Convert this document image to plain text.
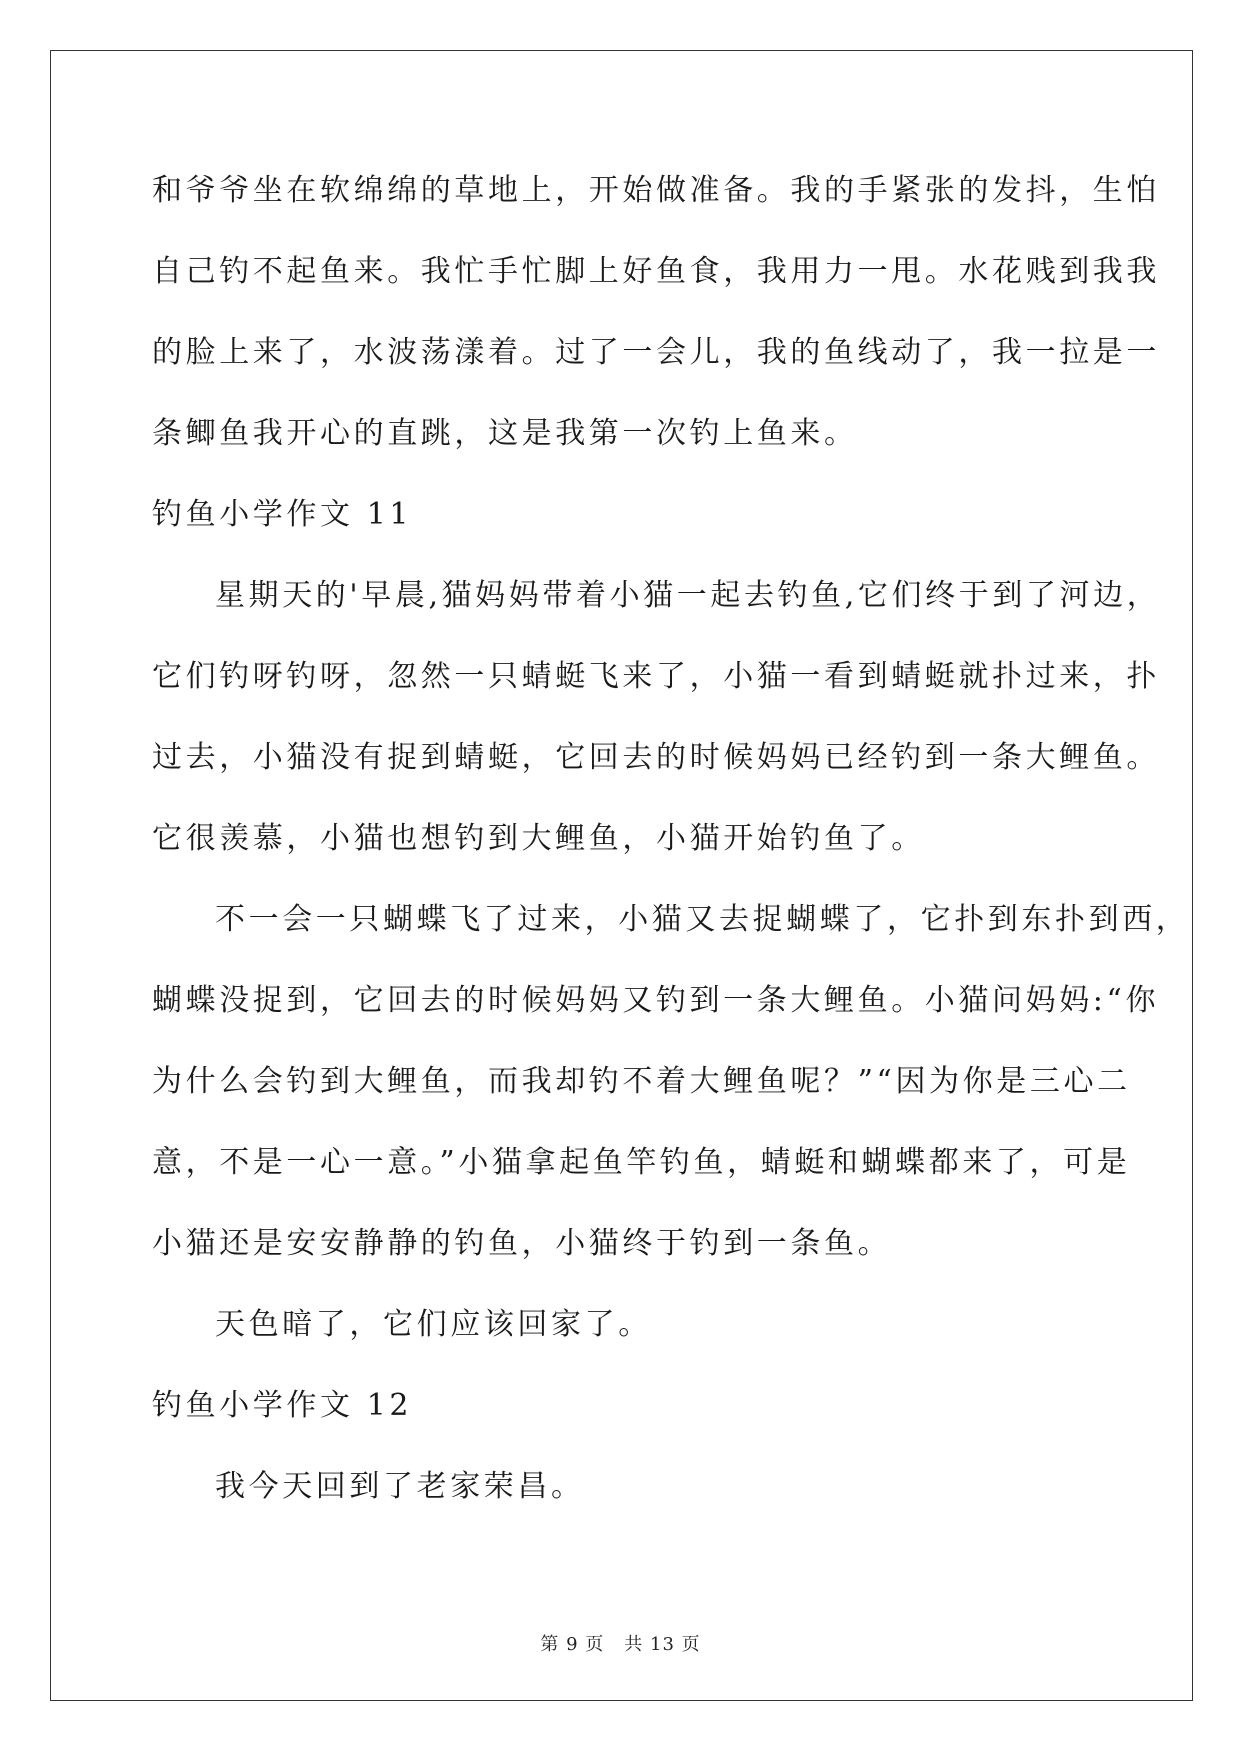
和爷爷坐在软绵绵的草地上，开始做准备。我的手紧张的发抖，生怕
自己钓不起鱼来。我忙手忙脚上好鱼食，我用力一甩。水花贱到我我
的脸上来了，水波荡漾着。过了一会儿，我的鱼线动了，我一拉是一
条鲫鱼我开心的直跳，这是我第一次钓上鱼来。
钓鱼小学作文 11
星期天的'早晨,猫妈妈带着小猫一起去钓鱼,它们终于到了河边，
它们钓呀钓呀，忽然一只蜻蜓飞来了，小猫一看到蜻蜓就扑过来，扑
过去，小猫没有捉到蜻蜓，它回去的时候妈妈已经钓到一条大鲤鱼。
它很羡慕，小猫也想钓到大鲤鱼，小猫开始钓鱼了。
不一会一只蝴蝶飞了过来，小猫又去捉蝴蝶了，它扑到东扑到西，
蝴蝶没捉到，它回去的时候妈妈又钓到一条大鲤鱼。小猫问妈妈:“你
为什么会钓到大鲤鱼，而我却钓不着大鲤鱼呢？”“因为你是三心二
意，不是一心一意。”小猫拿起鱼竿钓鱼，蜻蜓和蝴蝶都来了，可是
小猫还是安安静静的钓鱼，小猫终于钓到一条鱼。
天色暗了，它们应该回家了。
钓鱼小学作文 12
我今天回到了老家荣昌。
第 9 页 共 13 页
